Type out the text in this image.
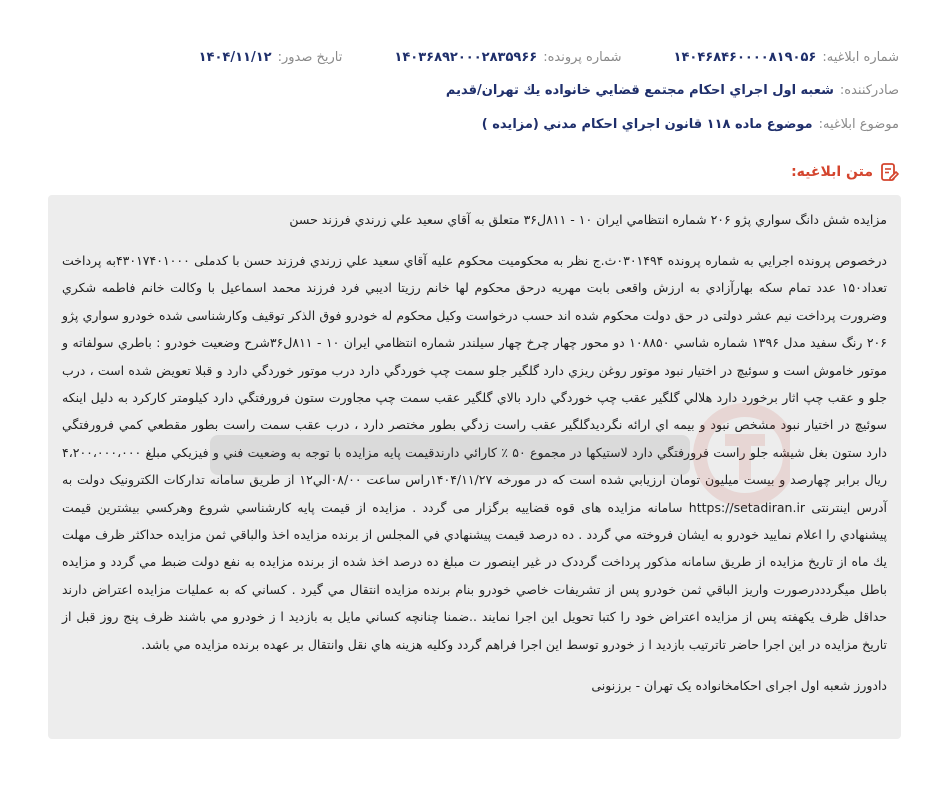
شماره ابلاغيه:
۱۴۰۴۶۸۴۶۰۰۰۰۸۱۹۰۵۶
شماره پرونده:
۱۴۰۳۶۸۹۲۰۰۰۲۸۳۵۹۶۶
تاريخ صدور:
۱۴۰۴/۱۱/۱۲
صادرکننده:
شعبه اول اجراي احكام مجتمع قضايي خانواده يك تهران/قديم
موضوع ابلاغيه:
موضوع ماده ۱۱۸ قانون اجراي احکام مدني (مزايده )
متن ابلاغيه:

مزايده شش دانگ سواري پژو ۲۰۶ شماره انتظامي ايران ۱۰ - ۸۱۱ل۳۶ متعلق به آقاي سعيد علي زرندي فرزند حسن

درخصوص پرونده اجرايي به شماره پرونده ۰۳۰۱۴۹۴ث.ج نظر به محکوميت محکوم عليه آقاي سعيد علي زرندي فرزند حسن با کدملی ۴۳۰۱۷۴۰۱۰۰۰به پرداخت تعداد۱۵۰ عدد تمام سکه بهارآزادي به ارزش واقعی بابت مهريه درحق محکوم لها خانم رزيتا اديبي فرد فرزند محمد اسماعيل با وکالت خانم فاطمه شکري وضرورت پرداخت نيم عشر دولتی در حق دولت محکوم شده اند حسب درخواست وکيل محکوم له خودرو فوق الذکر توقيف وکارشناسی شده خودرو سواري پژو ۲۰۶ رنگ سفيد مدل ۱۳۹۶ شماره شاسي ۱۰۸۸۵۰ دو محور چهار چرخ چهار سيلندر شماره انتظامي ايران ۱۰ - ۸۱۱ل۳۶شرح وضعيت خودرو : باطري سولفاته و موتور خاموش است و سوئيچ در اختيار نبود موتور روغن ريزي دارد گلگير جلو سمت چپ خوردگي دارد درب موتور خوردگي دارد و قبلا تعويض شده است ، درب جلو و عقب چپ اثار برخورد دارد هلالي گلگير عقب چپ خوردگي دارد بالاي گلگير عقب سمت چپ مجاورت ستون فرورفتگي دارد کيلومتر کارکرد به دليل اينکه سوئيچ در اختيار نبود مشخص نبود و بيمه اي ارائه نگرديدگلگير عقب راست زدگي بطور مختصر دارد ، درب عقب سمت راست بطور مقطعي کمي فرورفتگي دارد ستون بغل شيشه جلو راست فرورفتگي دارد لاستيکها در مجموع ۵۰ ٪ کارائي دارندقيمت پايه مزايده با توجه به وضعيت فني و فيزيکي مبلغ ۴،۲۰۰،۰۰۰،۰۰۰ ريال برابر چهارصد و بيست ميليون تومان ارزيابي شده است که در مورخه ۱۴۰۴/۱۱/۲۷راس ساعت ۰۸/۰۰الي۱۲ از طريق سامانه تدارکات الکترونيک دولت به آدرس اينترنتی https://setadiran.ir سامانه مزايده های قوه قضاييه برگزار می گردد . مزايده از قيمت پايه کارشناسي شروع وهرکسي بيشترين قيمت پيشنهادي را اعلام نماييد خودرو به ايشان فروخته مي گردد . ده درصد قيمت پيشنهادي في المجلس از برنده مزايده اخذ والباقي ثمن مزايده حداکثر ظرف مهلت يك ماه از تاريخ مزايده از طريق سامانه مذکور پرداخت گرددک در غير اينصور ت مبلغ ده درصد اخذ شده از برنده مزايده به نفع دولت ضبط مي گردد و مزايده باطل ميگردددرصورت واريز الباقي ثمن خودرو پس از تشريفات خاصي خودرو بنام برنده مزايده انتقال مي گيرد . کساني که به عمليات مزايده اعتراض دارند حداقل ظرف يکهفته پس از مزايده اعتراض خود را کتبا تحويل اين اجرا نمايند ..ضمنا چنانچه کساني مايل به بازديد ا ز خودرو مي باشند ظرف پنج روز قبل از تاريخ مزايده در اين اجرا حاضر تاترتيب بازديد ا ز خودرو توسط اين اجرا فراهم گردد وکليه هزينه هاي نقل وانتقال بر عهده برنده مزايده مي باشد.

دادورز شعبه اول اجرای احکامخانواده يک تهران - برزنونی
